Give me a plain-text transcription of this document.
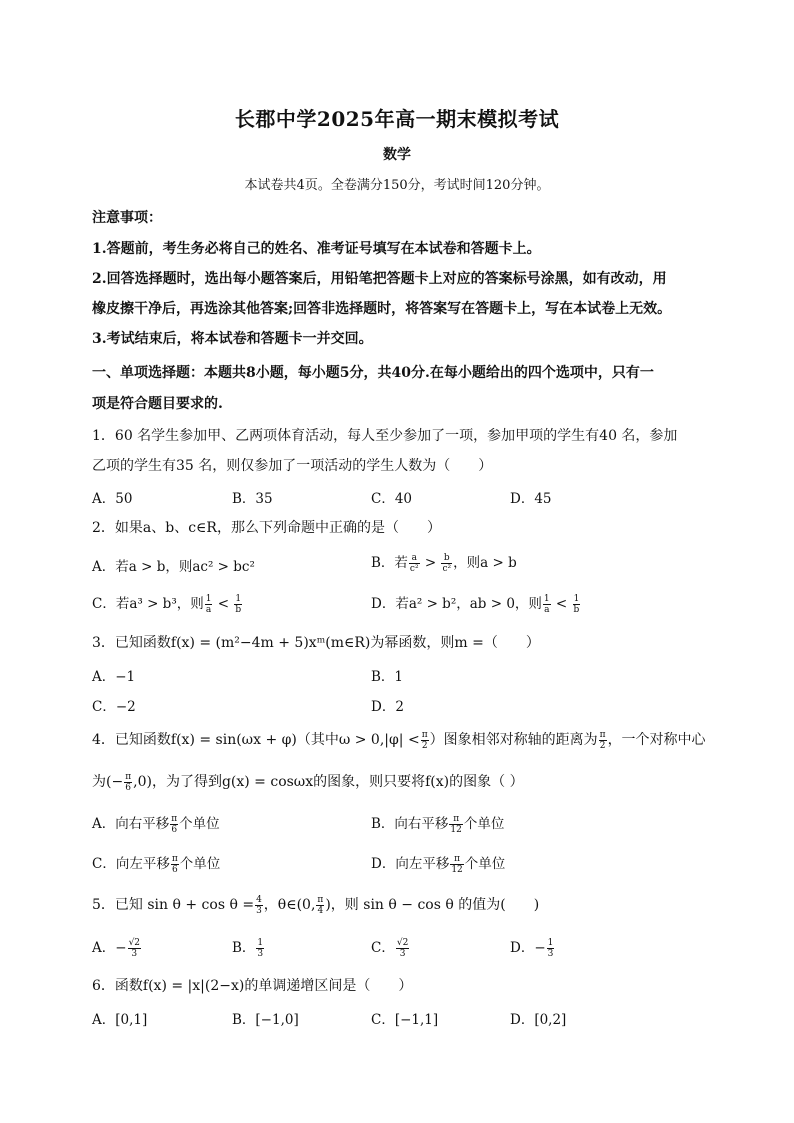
长郡中学2025年高一期末模拟考试
数学
本试卷共4页。全卷满分150分，考试时间120分钟。
注意事项：
1.答题前，考生务必将自己的姓名、准考证号填写在本试卷和答题卡上。
2.回答选择题时，选出每小题答案后，用铅笔把答题卡上对应的答案标号涂黑，如有改动，用
橡皮擦干净后，再选涂其他答案;回答非选择题时，将答案写在答题卡上，写在本试卷上无效。
3.考试结束后，将本试卷和答题卡一并交回。
一、单项选择题：本题共8小题，每小题5分，共40分.在每小题给出的四个选项中，只有一
项是符合题目要求的.
1．60 名学生参加甲、乙两项体育活动，每人至少参加了一项，参加甲项的学生有40 名，参加
乙项的学生有35 名，则仅参加了一项活动的学生人数为（　　）
A．50	B．35	C．40	D．45
2．如果a、b、c∈R，那么下列命题中正确的是（　　）
A．若a > b，则ac² > bc²	B．若 $\frac{a}{\text{c²}} > \frac{b}{\text{c²}}$ ，则a > b
C．若a³ > b³，则 $\frac{1}{a} < \frac{1}{b}$	D．若a² > b²，ab > 0，则 $\frac{1}{a} < \frac{1}{b}$
3．已知函数f(x) = (m²−4m + 5)xᵐ(m∈R)为幂函数，则m =（　　）
A．−1	B．1
C．−2	D．2
4．已知函数f(x) = sin(ωx + φ)（其中$\omega > 0,|\varphi| < \frac{\pi}{2}$ ）图象相邻对称轴的距离为 $\frac{\pi}{2}$ ，一个对称中心
为(− $\frac{\pi}{6} ,0$)，为了得到g(x) = cosωx的图象，则只要将f(x)的图象（ ）
A．向右平移 $\frac{\pi}{6}$ 个单位	B．向右平移 $\frac{\pi}{12}$ 个单位
C．向左平移 $\frac{\pi}{6}$ 个单位	D．向左平移 $\frac{\pi}{12}$ 个单位
5．已知 $\sin \theta + \cos \theta = \frac{4}{3}$ ，θ∈(0, $\frac{\pi}{4}$ )，则 sin θ − cos θ 的值为(　　)
A．− $\frac{√2}{3}$	B． $\frac{1}{3}$	C． $\frac{√2}{3}$	D．− $\frac{1}{3}$
6．函数f(x) = |x|(2−x)的单调递增区间是（　　）
A．[0,1]	B．[−1,0]	C．[−1,1]	D．[0,2]
